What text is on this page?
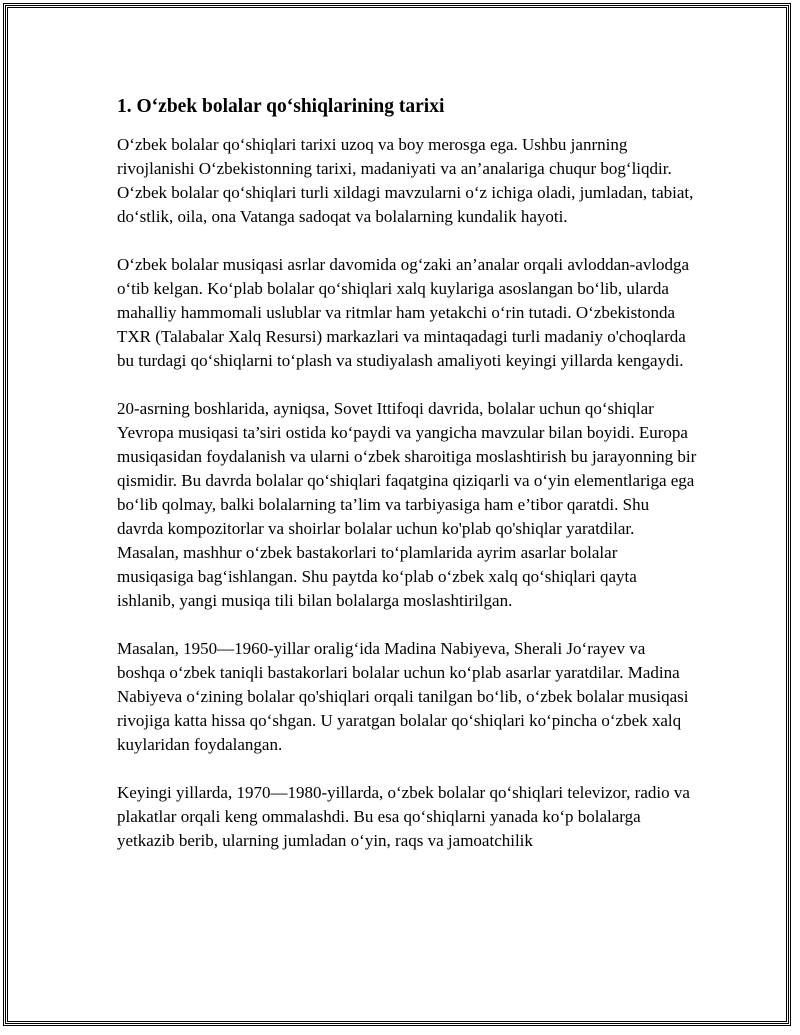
1. O‘zbek bolalar qo‘shiqlarining tarixi

O‘zbek bolalar qo‘shiqlari tarixi uzoq va boy merosga ega. Ushbu janrning rivojlanishi O‘zbekistonning tarixi, madaniyati va an’analariga chuqur bog‘liqdir. O‘zbek bolalar qo‘shiqlari turli xildagi mavzularni o‘z ichiga oladi, jumladan, tabiat, do‘stlik, oila, ona Vatanga sadoqat va bolalarning kundalik hayoti.

O‘zbek bolalar musiqasi asrlar davomida og‘zaki an’analar orqali avloddan-avlodga o‘tib kelgan. Ko‘plab bolalar qo‘shiqlari xalq kuylariga asoslangan bo‘lib, ularda mahalliy hammomali uslublar va ritmlar ham yetakchi o‘rin tutadi. O‘zbekistonda TXR (Talabalar Xalq Resursi) markazlari va mintaqadagi turli madaniy o'choqlarda bu turdagi qo‘shiqlarni to‘plash va studiyalash amaliyoti keyingi yillarda kengaydi.

20-asrning boshlarida, ayniqsa, Sovet Ittifoqi davrida, bolalar uchun qo‘shiqlar Yevropa musiqasi ta’siri ostida ko‘paydi va yangicha mavzular bilan boyidi. Europa musiqasidan foydalanish va ularni o‘zbek sharoitiga moslashtirish bu jarayonning bir qismidir. Bu davrda bolalar qo‘shiqlari faqatgina qiziqarli va o‘yin elementlariga ega bo‘lib qolmay, balki bolalarning ta’lim va tarbiyasiga ham e’tibor qaratdi. Shu davrda kompozitorlar va shoirlar bolalar uchun ko'plab qo'shiqlar yaratdilar. Masalan, mashhur o‘zbek bastakorlari to‘plamlarida ayrim asarlar bolalar musiqasiga bag‘ishlangan. Shu paytda ko‘plab o‘zbek xalq qo‘shiqlari qayta ishlanib, yangi musiqa tili bilan bolalarga moslashtirilgan.

Masalan, 1950—1960-yillar oralig‘ida Madina Nabiyeva, Sherali Jo‘rayev va boshqa o‘zbek taniqli bastakorlari bolalar uchun ko‘plab asarlar yaratdilar. Madina Nabiyeva o‘zining bolalar qo'shiqlari orqali tanilgan bo‘lib, o‘zbek bolalar musiqasi rivojiga katta hissa qo‘shgan. U yaratgan bolalar qo‘shiqlari ko‘pincha o‘zbek xalq kuylaridan foydalangan.

Keyingi yillarda, 1970—1980-yillarda, o‘zbek bolalar qo‘shiqlari televizor, radio va plakatlar orqali keng ommalashdi. Bu esa qo‘shiqlarni yanada ko‘p bolalarga yetkazib berib, ularning jumladan o‘yin, raqs va jamoatchilik
